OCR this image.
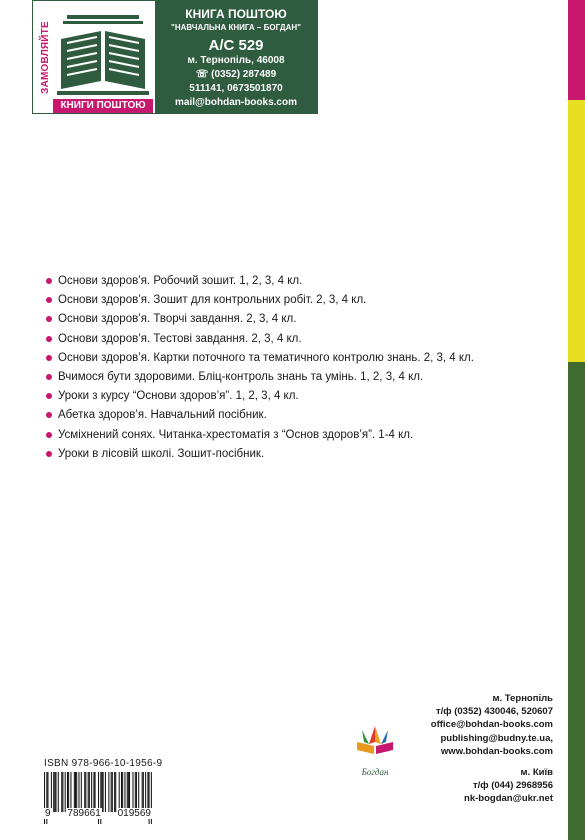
ЗАМОВЛЯЙТЕ
КНИГИ ПОШТОЮ
КНИГА ПОШТОЮ
"НАВЧАЛЬНА КНИГА – БОГДАН"
А/С 529
м. Тернопіль, 46008
☏ (0352) 287489
511141, 0673501870
mail@bohdan-books.com
Основи здоров’я. Робочий зошит. 1, 2, 3, 4 кл.
Основи здоров’я. Зошит для контрольних робіт. 2, 3, 4 кл.
Основи здоров’я. Творчі завдання. 2, 3, 4 кл.
Основи здоров’я. Тестові завдання. 2, 3, 4 кл.
Основи здоров’я. Картки поточного та тематичного контролю знань. 2, 3, 4 кл.
Вчимося бути здоровими. Бліц-контроль знань та умінь. 1, 2, 3, 4 кл.
Уроки з курсу “Основи здоров’я”. 1, 2, 3, 4 кл.
Абетка здоров’я. Навчальний посібник.
Усміхнений сонях. Читанка-хрестоматія з “Основ здоров’я”. 1-4 кл.
Уроки в лісовій школі. Зошит-посібник.
Богдан
м. Тернопіль
т/ф (0352) 430046, 520607
office@bohdan-books.com
publishing@budny.te.ua,
www.bohdan-books.com
м. Київ
т/ф (044) 2968956
nk-bogdan@ukr.net
ISBN 978-966-10-1956-9
9 789661 019569
